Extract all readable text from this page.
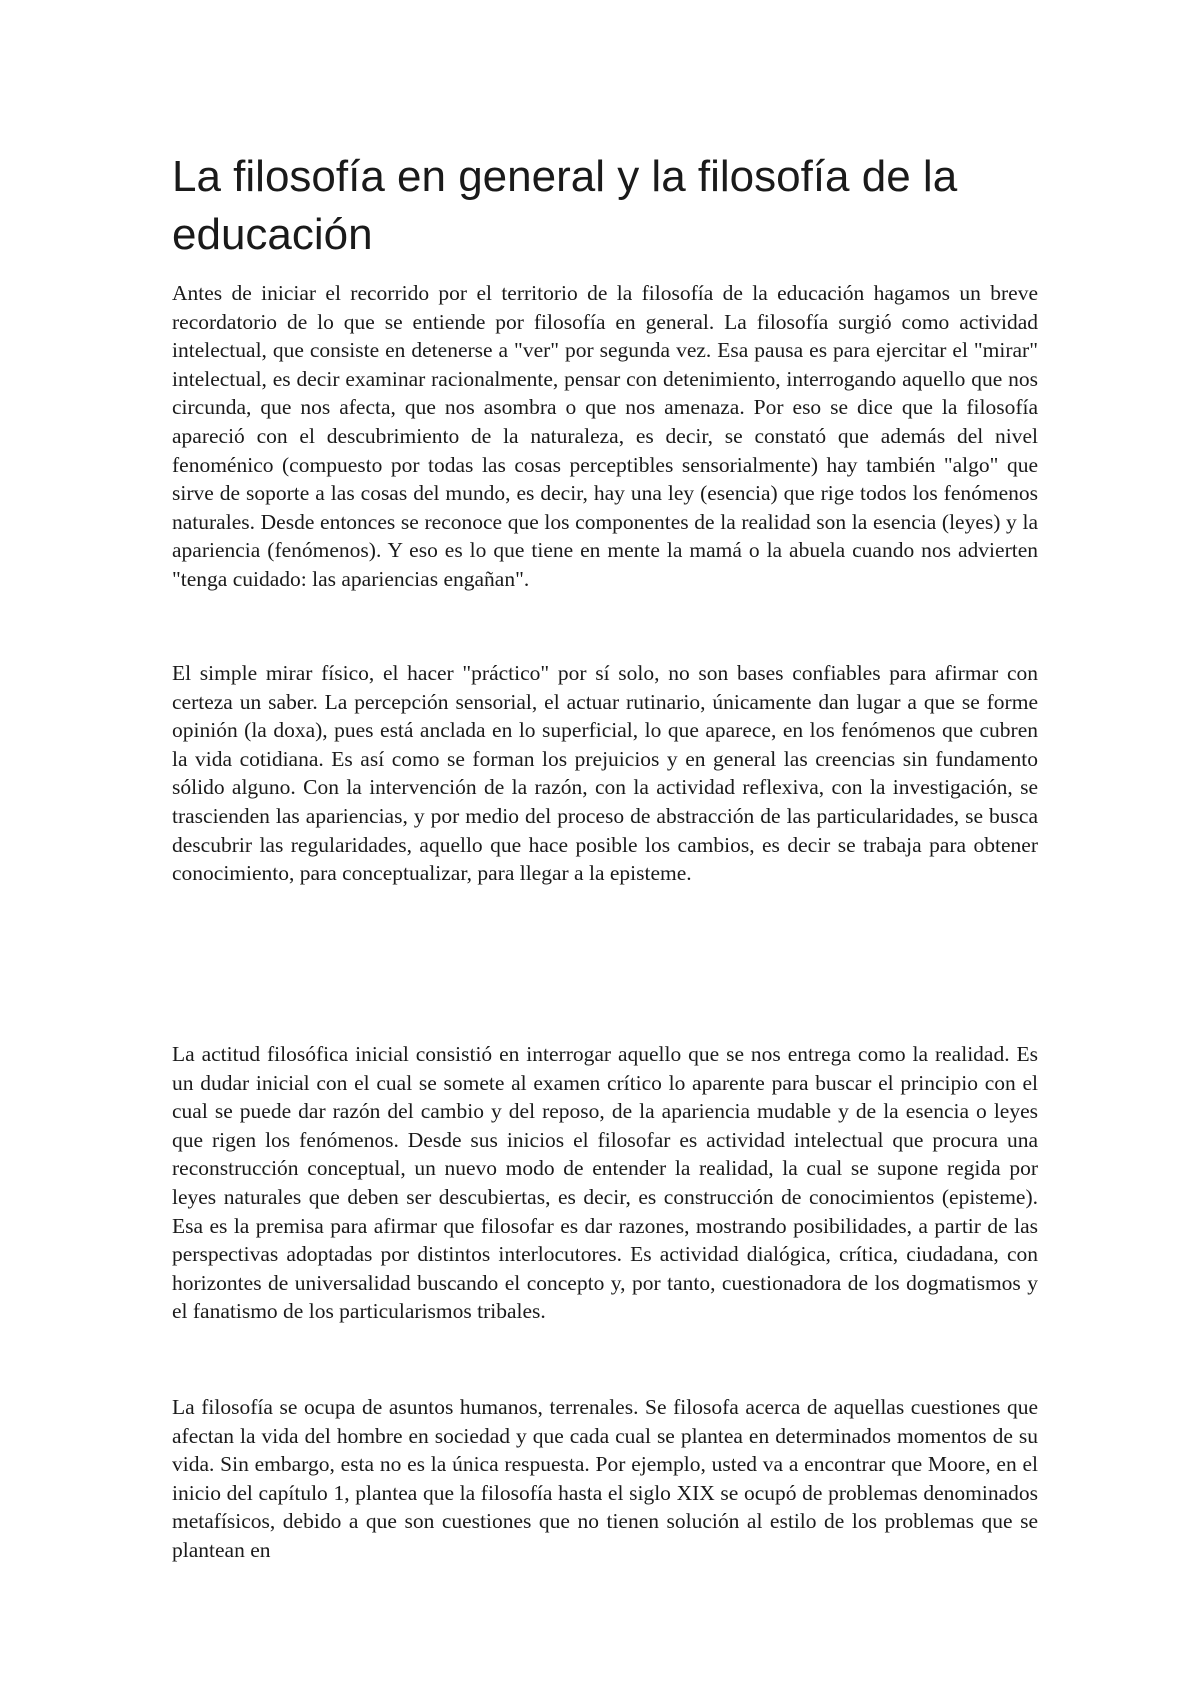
La filosofía en general y la filosofía de la educación

Antes de iniciar el recorrido por el territorio de la filosofía de la educación hagamos un breve recordatorio de lo que se entiende por filosofía en general. La filosofía surgió como actividad intelectual, que consiste en detenerse a "ver" por segunda vez. Esa pausa es para ejercitar el "mirar" intelectual, es decir examinar racionalmente, pensar con detenimiento, interrogando aquello que nos circunda, que nos afecta, que nos asombra o que nos amenaza. Por eso se dice que la filosofía apareció con el descubrimiento de la naturaleza, es decir, se constató que además del nivel fenoménico (compuesto por todas las cosas perceptibles sensorialmente) hay también "algo" que sirve de soporte a las cosas del mundo, es decir, hay una ley (esencia) que rige todos los fenómenos naturales. Desde entonces se reconoce que los componentes de la realidad son la esencia (leyes) y la apariencia (fenómenos). Y eso es lo que tiene en mente la mamá o la abuela cuando nos advierten "tenga cuidado: las apariencias engañan".

El simple mirar físico, el hacer "práctico" por sí solo, no son bases confiables para afirmar con certeza un saber. La percepción sensorial, el actuar rutinario, únicamente dan lugar a que se forme opinión (la doxa), pues está anclada en lo superficial, lo que aparece, en los fenómenos que cubren la vida cotidiana. Es así como se forman los prejuicios y en general las creencias sin fundamento sólido alguno. Con la intervención de la razón, con la actividad reflexiva, con la investigación, se trascienden las apariencias, y por medio del proceso de abstracción de las particularidades, se busca descubrir las regularidades, aquello que hace posible los cambios, es decir se trabaja para obtener conocimiento, para conceptualizar, para llegar a la episteme.

La actitud filosófica inicial consistió en interrogar aquello que se nos entrega como la realidad. Es un dudar inicial con el cual se somete al examen crítico lo aparente para buscar el principio con el cual se puede dar razón del cambio y del reposo, de la apariencia mudable y de la esencia o leyes que rigen los fenómenos. Desde sus inicios el filosofar es actividad intelectual que procura una reconstrucción conceptual, un nuevo modo de entender la realidad, la cual se supone regida por leyes naturales que deben ser descubiertas, es decir, es construcción de conocimientos (episteme). Esa es la premisa para afirmar que filosofar es dar razones, mostrando posibilidades, a partir de las perspectivas adoptadas por distintos interlocutores. Es actividad dialógica, crítica, ciudadana, con horizontes de universalidad buscando el concepto y, por tanto, cuestionadora de los dogmatismos y el fanatismo de los particularismos tribales.

La filosofía se ocupa de asuntos humanos, terrenales. Se filosofa acerca de aquellas cuestiones que afectan la vida del hombre en sociedad y que cada cual se plantea en determinados momentos de su vida. Sin embargo, esta no es la única respuesta. Por ejemplo, usted va a encontrar que Moore, en el inicio del capítulo 1, plantea que la filosofía hasta el siglo XIX se ocupó de problemas denominados metafísicos, debido a que son cuestiones que no tienen solución al estilo de los problemas que se plantean en
